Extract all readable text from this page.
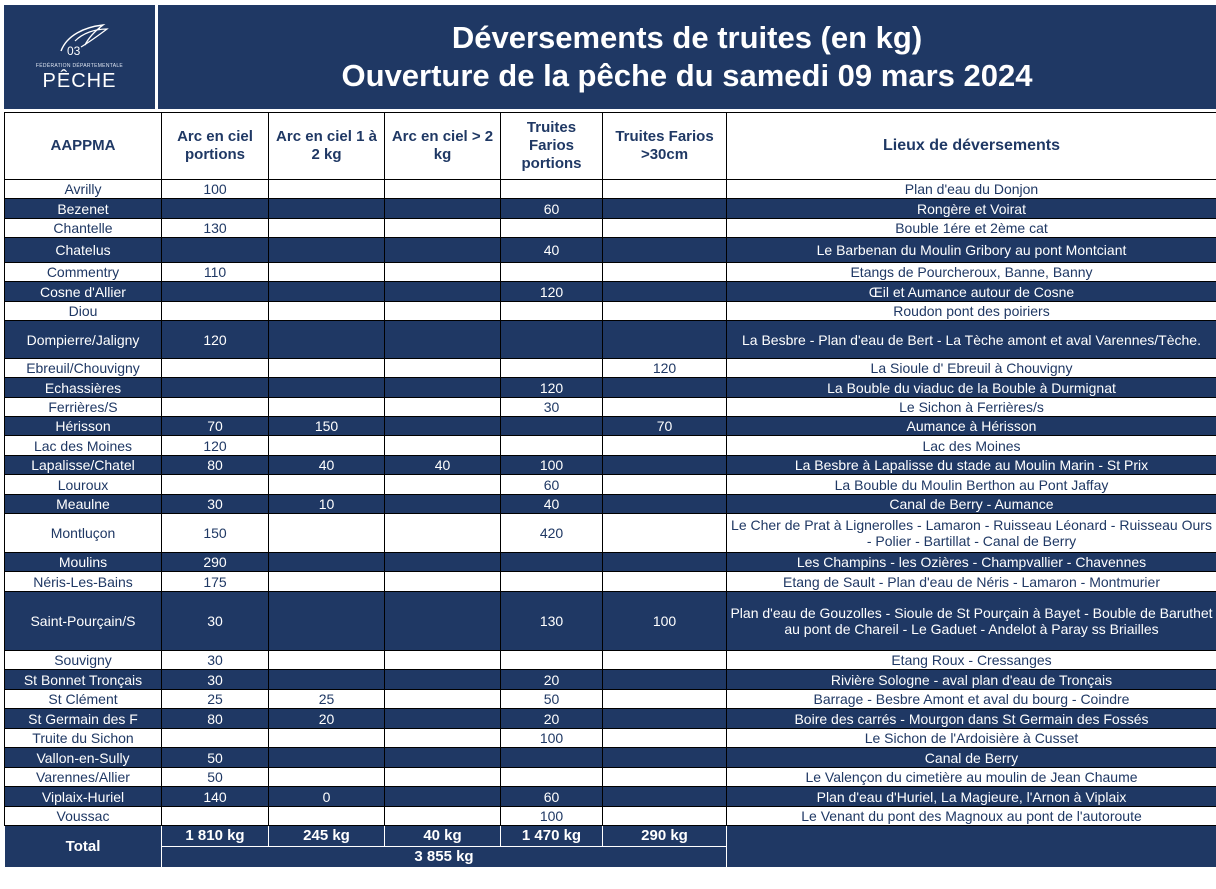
03
FÉDÉRATION DÉPARTEMENTALE
PÊCHE
Déversements de truites (en kg)
Ouverture de la pêche du samedi 09 mars 2024
AAPPMA	Arc en ciel portions	Arc en ciel 1 à 2 kg	Arc en ciel > 2 kg	Truites Farios portions	Truites Farios >30cm	Lieux de déversements
Avrilly	100					Plan d'eau du Donjon
Bezenet				60		Rongère et Voirat
Chantelle	130					Bouble 1ére et 2ème cat
Chatelus				40		Le Barbenan du Moulin Gribory au pont Montciant
Commentry	110					Etangs de Pourcheroux, Banne, Banny
Cosne d'Allier				120		Œil et Aumance autour de Cosne
Diou						Roudon pont des poiriers
Dompierre/Jaligny	120					La Besbre - Plan d'eau de Bert - La Tèche amont et aval Varennes/Tèche.
Ebreuil/Chouvigny					120	La Sioule d' Ebreuil à Chouvigny
Echassières				120		La Bouble du viaduc de la Bouble à Durmignat
Ferrières/S				30		Le Sichon à Ferrières/s
Hérisson	70	150			70	Aumance à Hérisson
Lac des Moines	120					Lac des Moines
Lapalisse/Chatel	80	40	40	100		La Besbre à Lapalisse du stade au Moulin Marin - St Prix
Louroux				60		La Bouble du Moulin Berthon au Pont Jaffay
Meaulne	30	10		40		Canal de Berry - Aumance
Montluçon	150			420		Le Cher de Prat à Lignerolles - Lamaron - Ruisseau Léonard - Ruisseau Ours - Polier - Bartillat - Canal de Berry
Moulins	290					Les Champins - les Ozières - Champvallier - Chavennes
Néris-Les-Bains	175					Etang de Sault - Plan d'eau de Néris - Lamaron - Montmurier
Saint-Pourçain/S	30			130	100	Plan d'eau de Gouzolles - Sioule de St Pourçain à Bayet - Bouble de Baruthet au pont de Chareil - Le Gaduet - Andelot à Paray ss Briailles
Souvigny	30					Etang Roux - Cressanges
St Bonnet Tronçais	30			20		Rivière Sologne - aval plan d'eau de Tronçais
St Clément	25	25		50		Barrage - Besbre Amont et aval du bourg - Coindre
St Germain des F	80	20		20		Boire des carrés - Mourgon dans St Germain des Fossés
Truite du Sichon				100		Le Sichon de l'Ardoisière à Cusset
Vallon-en-Sully	50					Canal de Berry
Varennes/Allier	50					Le Valençon du cimetière au moulin de Jean Chaume
Viplaix-Huriel	140	0		60		Plan d'eau d'Huriel, La Magieure, l'Arnon à Viplaix
Voussac				100		Le Venant du pont des Magnoux au pont de l'autoroute
Total	1 810 kg	245 kg	40 kg	1 470 kg	290 kg	
	3 855 kg					
